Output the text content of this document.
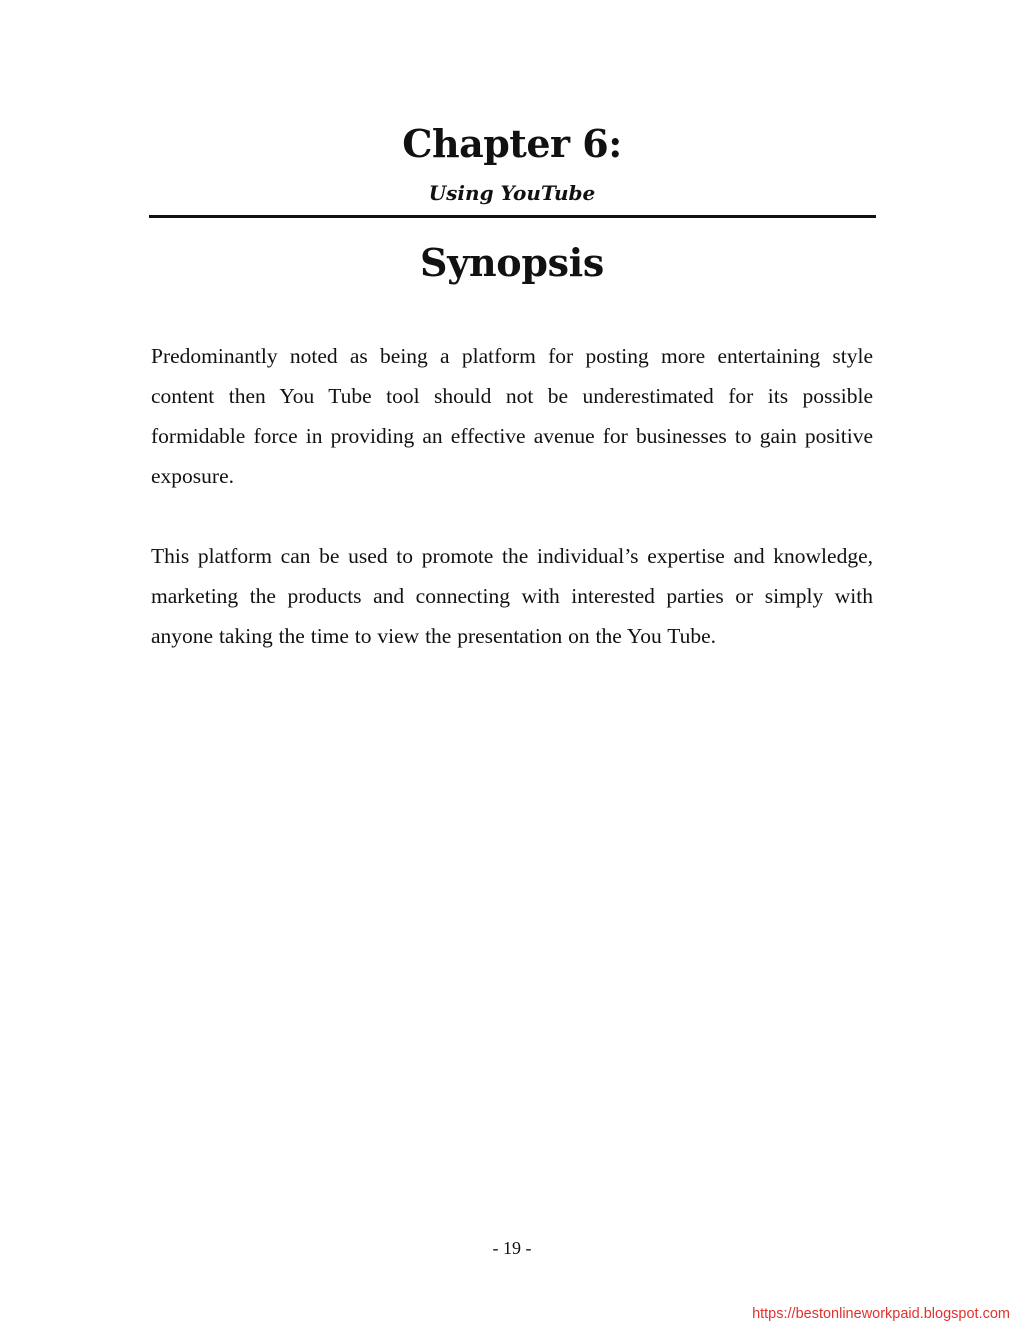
Chapter 6:
Using YouTube
Synopsis

Predominantly noted as being a platform for posting more entertaining style content then You Tube tool should not be underestimated for its possible formidable force in providing an effective avenue for businesses to gain positive exposure.

This platform can be used to promote the individual’s expertise and knowledge, marketing the products and connecting with interested parties or simply with anyone taking the time to view the presentation on the You Tube.

- 19 -
https://bestonlineworkpaid.blogspot.com
